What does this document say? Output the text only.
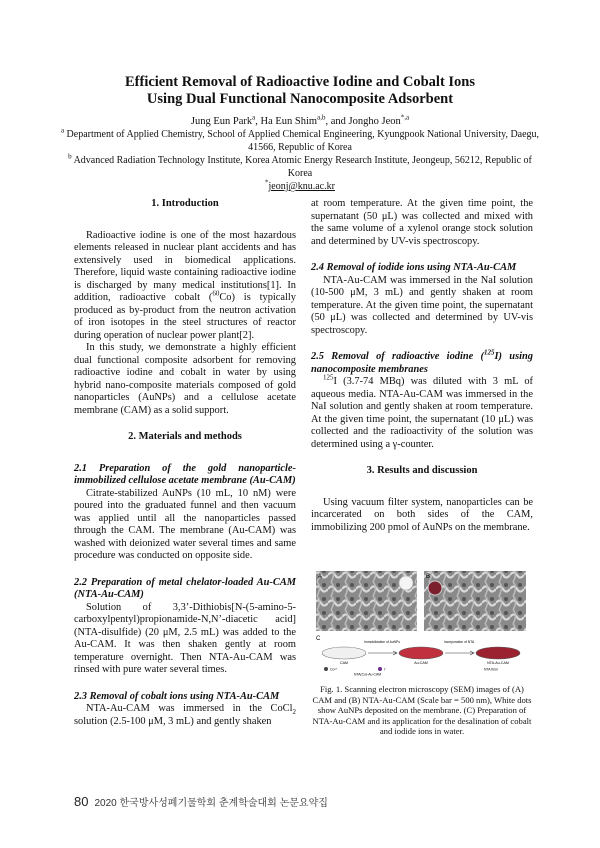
Efficient Removal of Radioactive Iodine and Cobalt Ions
Using Dual Functional Nanocomposite Adsorbent
Jung Eun Park$^a$, Ha Eun Shim$^{a,b}$, and Jongho Jeon$^{*,a}$
$^a$ Department of Applied Chemistry, School of Applied Chemical Engineering, Kyungpook National University, Daegu, 41566, Republic of Korea
$^b$ Advanced Radiation Technology Institute, Korea Atomic Energy Research Institute, Jeongeup, 56212, Republic of Korea
*jeonj@knu.ac.kr
1. Introduction

Radioactive iodine is one of the most hazardous elements released in nuclear plant accidents and has extensively used in biomedical applications. Therefore, liquid waste containing radioactive iodine is discharged by many medical institutions[1]. In addition, radioactive cobalt ($^{60}$Co) is typically produced as by-product from the neutron activation of iron isotopes in the steel structures of reactor during operation of nuclear power plant[2].

In this study, we demonstrate a highly efficient dual functional composite adsorbent for removing radioactive iodine and cobalt in water by using hybrid nano-composite materials composed of gold nanoparticles (AuNPs) and a cellulose acetate membrane (CAM) as a solid support.

2. Materials and methods
2.1 Preparation of the gold nanoparticle-immobilized cellulose acetate membrane (Au-CAM)

Citrate-stabilized AuNPs (10 mL, 10 nM) were poured into the graduated funnel and then vacuum was applied until all the nanoparticles passed through the CAM. The membrane (Au-CAM) was washed with deionized water several times and same procedure was conducted on opposite side.

2.2 Preparation of metal chelator-loaded Au-CAM (NTA-Au-CAM)

Solution of 3,3’-Dithiobis[N-(5-amino-5-carboxylpentyl)propionamide-N,N’-diacetic acid] (NTA-disulfide) (20 μM, 2.5 mL) was added to the Au-CAM. It was then shaken gently at room temperature overnight. Then NTA-Au-CAM was rinsed with pure water several times.

2.3 Removal of cobalt ions using NTA-Au-CAM

NTA-Au-CAM was immersed in the CoCl$_2$ solution (2.5-100 μM, 3 mL) and gently shaken

at room temperature. At the given time point, the supernatant (50 μL) was collected and mixed with the same volume of a xylenol orange stock solution and determined by UV-vis spectroscopy.

2.4 Removal of iodide ions using NTA-Au-CAM

NTA-Au-CAM was immersed in the NaI solution (10-500 μM, 3 mL) and gently shaken at room temperature. At the given time point, the supernatant (50 μL) was collected and determined by UV-vis spectroscopy.

2.5 Removal of radioactive iodine ($^{125}$I) using nanocomposite membranes

$^{125}$I (3.7-74 MBq) was diluted with 3 mL of aqueous media. NTA-Au-CAM was immersed in the NaI solution and gently shaken at room temperature. At the given time point, the supernatant (10 μL) was collected and the radioactivity of the solution was determined using a γ-counter.

3. Results and discussion

Using vacuum filter system, nanoparticles can be incarcerated on both sides of the CAM, immobilizing 200 pmol of AuNPs on the membrane.

A	B
C	Immobilization of AuNPs	Incorporation of NTA
CAM	Au-CAM	NTA-Au-CAM
Co²⁺	I⁻	NTA thiol
NTA(Co)-Au-CAM
Fig. 1. Scanning electron microscopy (SEM) images of (A) CAM and (B) NTA-Au-CAM (Scale bar = 500 nm), White dots show AuNPs deposited on the membrane. (C) Preparation of NTA-Au-CAM and its application for the desalination of cobalt and iodide ions in water.
80 2020 한국방사성폐기물학회 춘계학술대회 논문요약집
